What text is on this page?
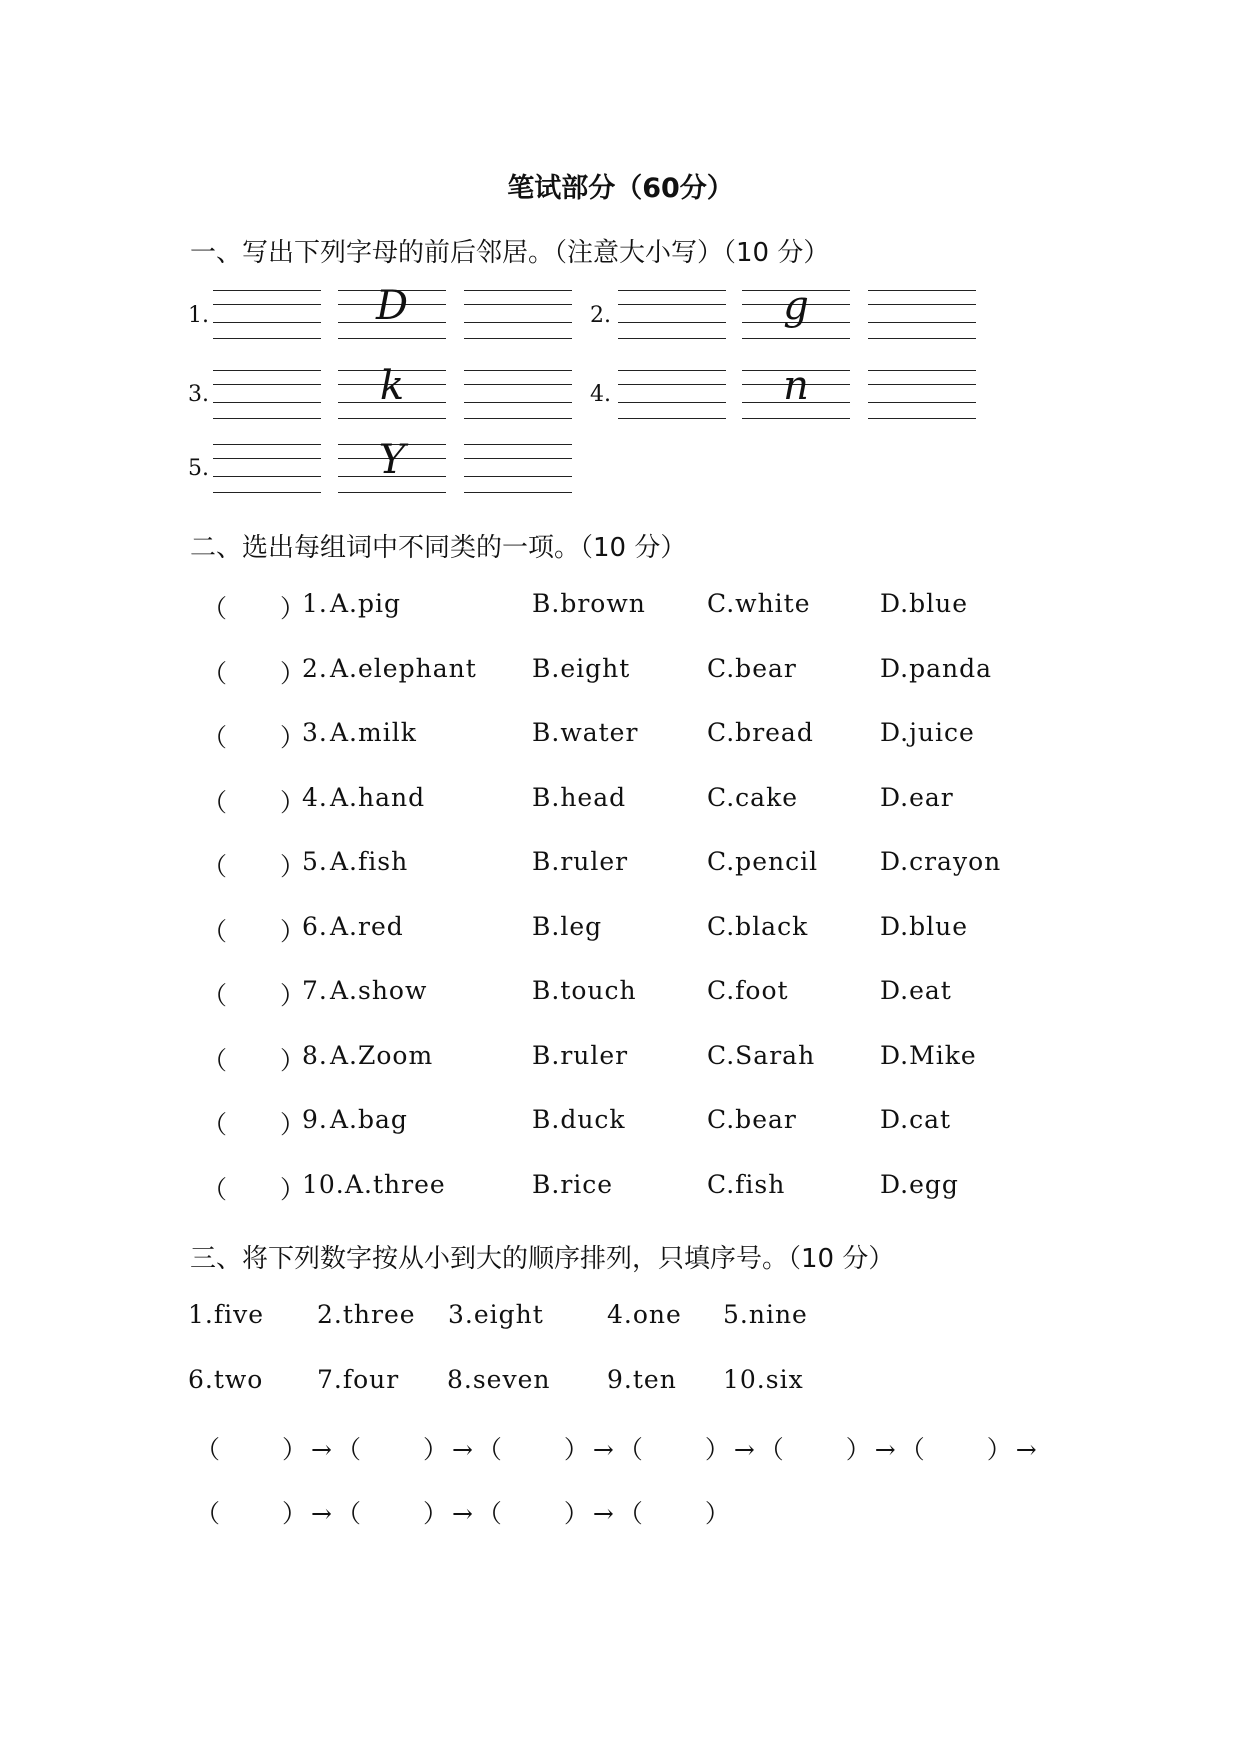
笔试部分（60分）
一、写出下列字母的前后邻居。（注意大小写）（10 分）
1.	D	2.	g
3.	k	4.	n
5.	Y
二、选出每组词中不同类的一项。（10 分）
（　　）
1. A.pig	B.brown C.white	D.blue
（　　）
2. A.elephant B.eight	C.bear	D.panda
（　　）
3. A.milk	B.water	C.bread	D.juice
（　　）
4. A.hand	B.head	C.cake	D.ear
（　　）
5. A.fish	B.ruler	C.pencil D.crayon
（　　）
6. A.red	B.leg	C.black	D.blue
（　　）
7. A.show	B.touch	C.foot	D.eat
（　　）
8. A.Zoom	B.ruler	C.Sarah	D.Mike
（　　）
9. A.bag	B.duck	C.bear	D.cat
（　　）
10. A.three	B.rice	C.fish	D.egg
三、将下列数字按从小到大的顺序排列，只填序号。（10 分）
1.five 2.three 3.eight	4.one 5.nine
6.two 7.four 8.seven 9.ten 10.six
（　　）→（　　）→（　　）→（　　）→（　　）→（　　）→
（　　）→（　　）→（　　）→（　　）
